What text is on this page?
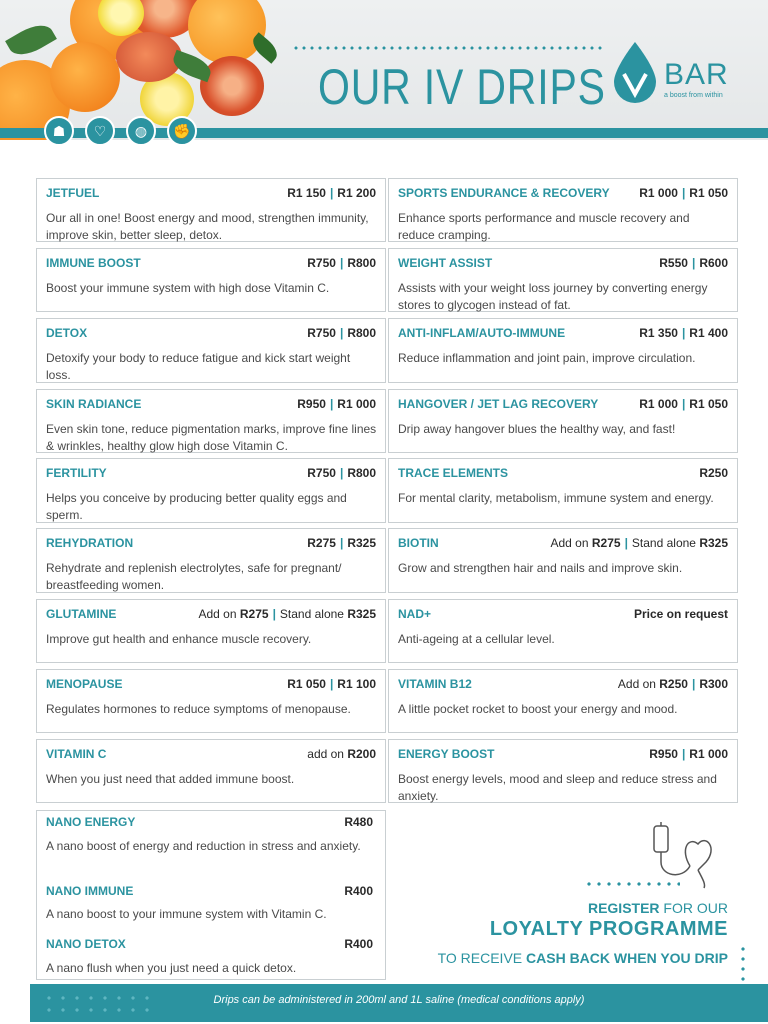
OUR IV DRIPS BAR
a boost from within
☗	♡	◍	✊
JETFUEL	R1 150 | R1 200
Our all in one! Boost energy and mood, strengthen immunity, improve skin, better sleep, detox.
IMMUNE BOOST	R750 | R800
Boost your immune system with high dose Vitamin C.
DETOX	R750 | R800
Detoxify your body to reduce fatigue and kick start weight loss.
SKIN RADIANCE	R950 | R1 000
Even skin tone, reduce pigmentation marks, improve fine lines & wrinkles, healthy glow high dose Vitamin C.
FERTILITY	R750 | R800
Helps you conceive by producing better quality eggs and sperm.
REHYDRATION	R275 | R325
Rehydrate and replenish electrolytes, safe for pregnant/ breastfeeding women.
GLUTAMINE	Add on R275 | Stand alone R325
Improve gut health and enhance muscle recovery.
MENOPAUSE	R1 050 | R1 100
Regulates hormones to reduce symptoms of menopause.
VITAMIN C	add on R200
When you just need that added immune boost.
SPORTS ENDURANCE & RECOVERY R1 000 | R1 050
Enhance sports performance and muscle recovery and reduce cramping.
WEIGHT ASSIST	R550 | R600
Assists with your weight loss journey by converting energy stores to glycogen instead of fat.
ANTI-INFLAM/AUTO-IMMUNE	R1 350 | R1 400
Reduce inflammation and joint pain, improve circulation.
HANGOVER / JET LAG RECOVERY	R1 000 | R1 050
Drip away hangover blues the healthy way, and fast!
TRACE ELEMENTS	R250
For mental clarity, metabolism, immune system and energy.
BIOTIN	Add on R275 | Stand alone R325
Grow and strengthen hair and nails and improve skin.
NAD+	Price on request
Anti-ageing at a cellular level.
VITAMIN B12	Add on R250 | R300
A little pocket rocket to boost your energy and mood.
ENERGY BOOST	R950 | R1 000
Boost energy levels, mood and sleep and reduce stress and anxiety.
NANO ENERGY	R480
A nano boost of energy and reduction in stress and anxiety.
NANO IMMUNE	R400
A nano boost to your immune system with Vitamin C.
NANO DETOX	R400
A nano flush when you just need a quick detox.
REGISTER FOR OUR
LOYALTY PROGRAMME
TO RECEIVE CASH BACK WHEN YOU DRIP
Drips can be administered in 200ml and 1L saline (medical conditions apply)
